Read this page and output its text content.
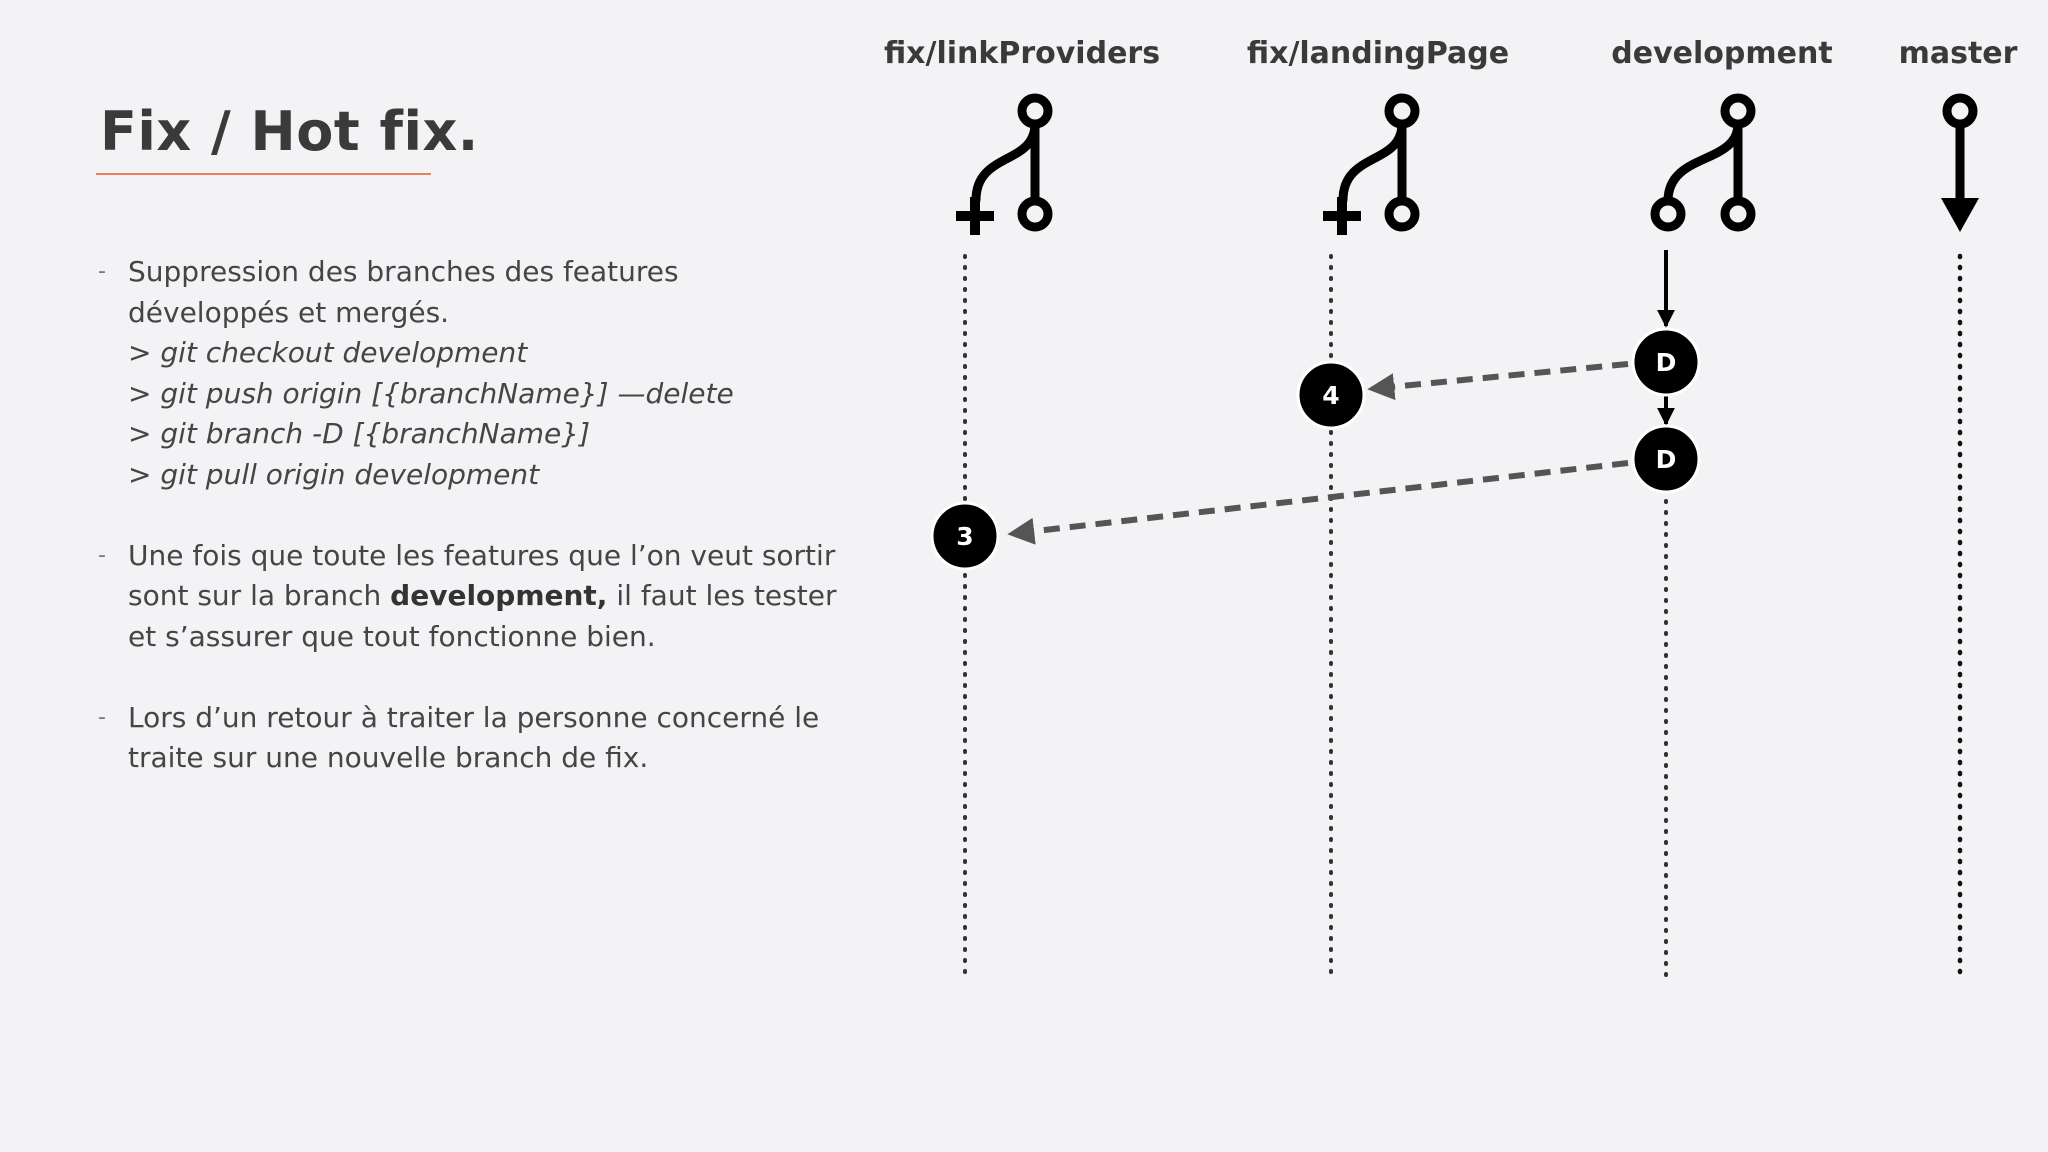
Fix / Hot fix.
- Suppression des branches des features développés et mergés.
> git checkout development
> git push origin [{branchName}] —delete
> git branch -D [{branchName}]
> git pull origin development
- Une fois que toute les features que l’on veut sortir sont sur la branch development, il faut les tester et s’assurer que tout fonctionne bien.
- Lors d’un retour à traiter la personne concerné le traite sur une nouvelle branch de fix.
fix/linkProviders	fix/landingPage	development master
D
D
4
3
